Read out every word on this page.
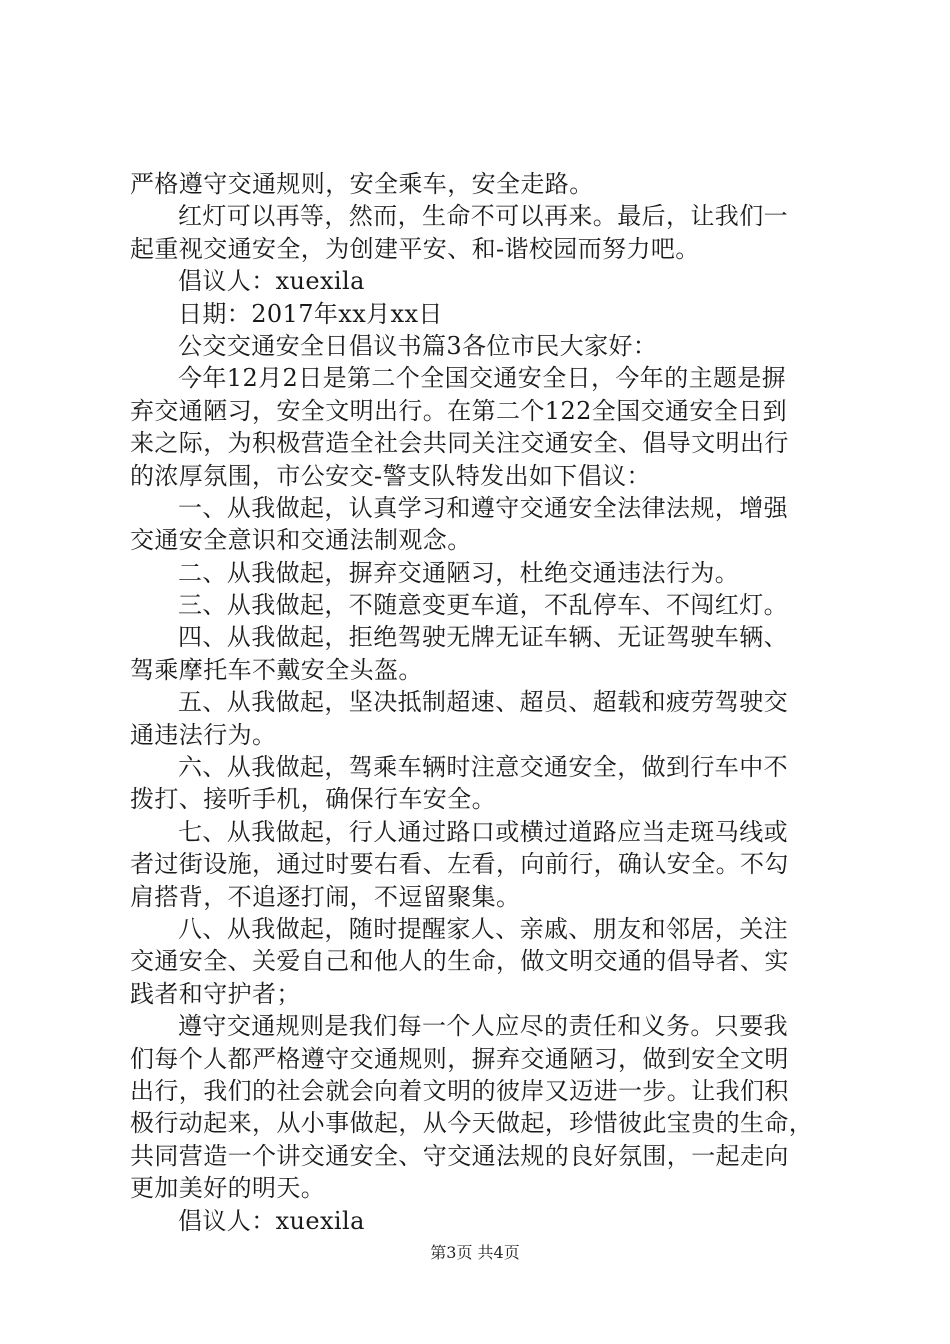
严格遵守交通规则，安全乘车，安全走路。
红灯可以再等，然而，生命不可以再来。最后，让我们一
起重视交通安全，为创建平安、和-谐校园而努力吧。
倡议人：xuexila
日期：2017年xx月xx日
公交交通安全日倡议书篇3各位市民大家好：
今年12月2日是第二个全国交通安全日，今年的主题是摒
弃交通陋习，安全文明出行。在第二个122全国交通安全日到
来之际，为积极营造全社会共同关注交通安全、倡导文明出行
的浓厚氛围，市公安交-警支队特发出如下倡议：
一、从我做起，认真学习和遵守交通安全法律法规，增强
交通安全意识和交通法制观念。
二、从我做起，摒弃交通陋习，杜绝交通违法行为。
三、从我做起，不随意变更车道，不乱停车、不闯红灯。
四、从我做起，拒绝驾驶无牌无证车辆、无证驾驶车辆、
驾乘摩托车不戴安全头盔。
五、从我做起，坚决抵制超速、超员、超载和疲劳驾驶交
通违法行为。
六、从我做起，驾乘车辆时注意交通安全，做到行车中不
拨打、接听手机，确保行车安全。
七、从我做起，行人通过路口或横过道路应当走斑马线或
者过街设施，通过时要右看、左看，向前行，确认安全。不勾
肩搭背，不追逐打闹，不逗留聚集。
八、从我做起，随时提醒家人、亲戚、朋友和邻居，关注
交通安全、关爱自己和他人的生命，做文明交通的倡导者、实
践者和守护者；
遵守交通规则是我们每一个人应尽的责任和义务。只要我
们每个人都严格遵守交通规则，摒弃交通陋习，做到安全文明
出行，我们的社会就会向着文明的彼岸又迈进一步。让我们积
极行动起来，从小事做起，从今天做起，珍惜彼此宝贵的生命，
共同营造一个讲交通安全、守交通法规的良好氛围，一起走向
更加美好的明天。
倡议人：xuexila
第3页 共4页
